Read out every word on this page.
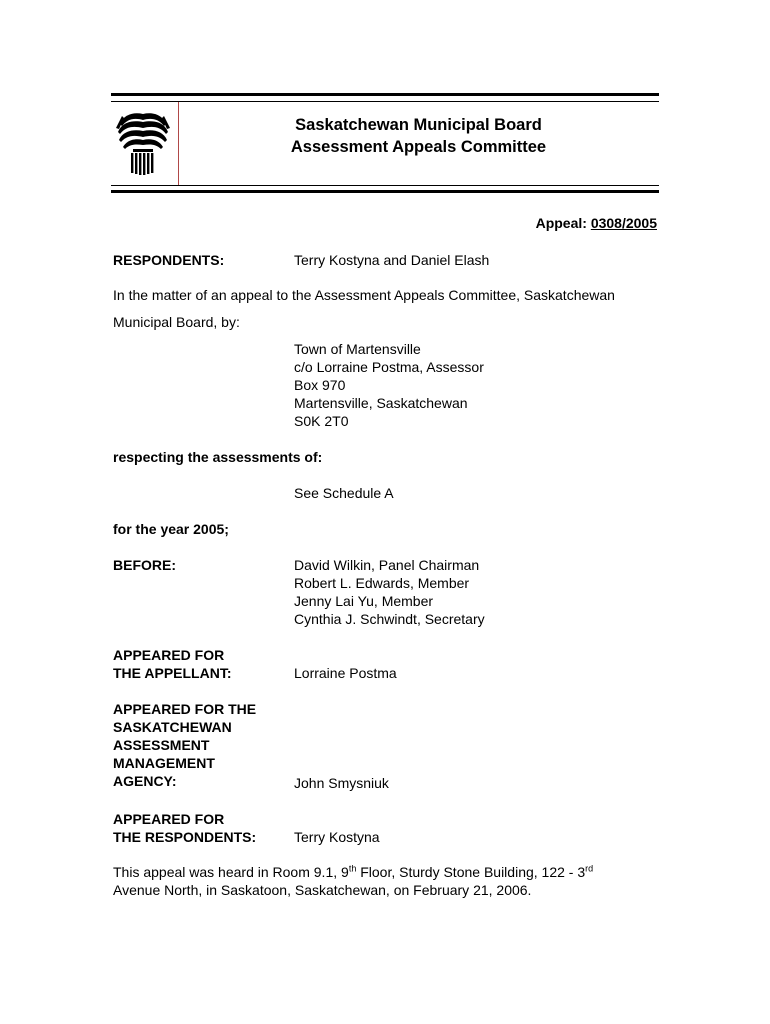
Saskatchewan Municipal Board
Assessment Appeals Committee
Appeal: 0308/2005
RESPONDENTS:	Terry Kostyna and Daniel Elash
In the matter of an appeal to the Assessment Appeals Committee, Saskatchewan
Municipal Board, by:
Town of Martensville
c/o Lorraine Postma, Assessor
Box 970
Martensville, Saskatchewan
S0K 2T0
respecting the assessments of:
See Schedule A
for the year 2005;
BEFORE:	David Wilkin, Panel Chairman
Robert L. Edwards, Member
Jenny Lai Yu, Member
Cynthia J. Schwindt, Secretary
APPEARED FOR
THE APPELLANT:	Lorraine Postma
APPEARED FOR THE
SASKATCHEWAN
ASSESSMENT
MANAGEMENT
AGENCY:	John Smysniuk
APPEARED FOR
THE RESPONDENTS:	Terry Kostyna
This appeal was heard in Room 9.1, 9th Floor, Sturdy Stone Building, 122 - 3rd
Avenue North, in Saskatoon, Saskatchewan, on February 21, 2006.
